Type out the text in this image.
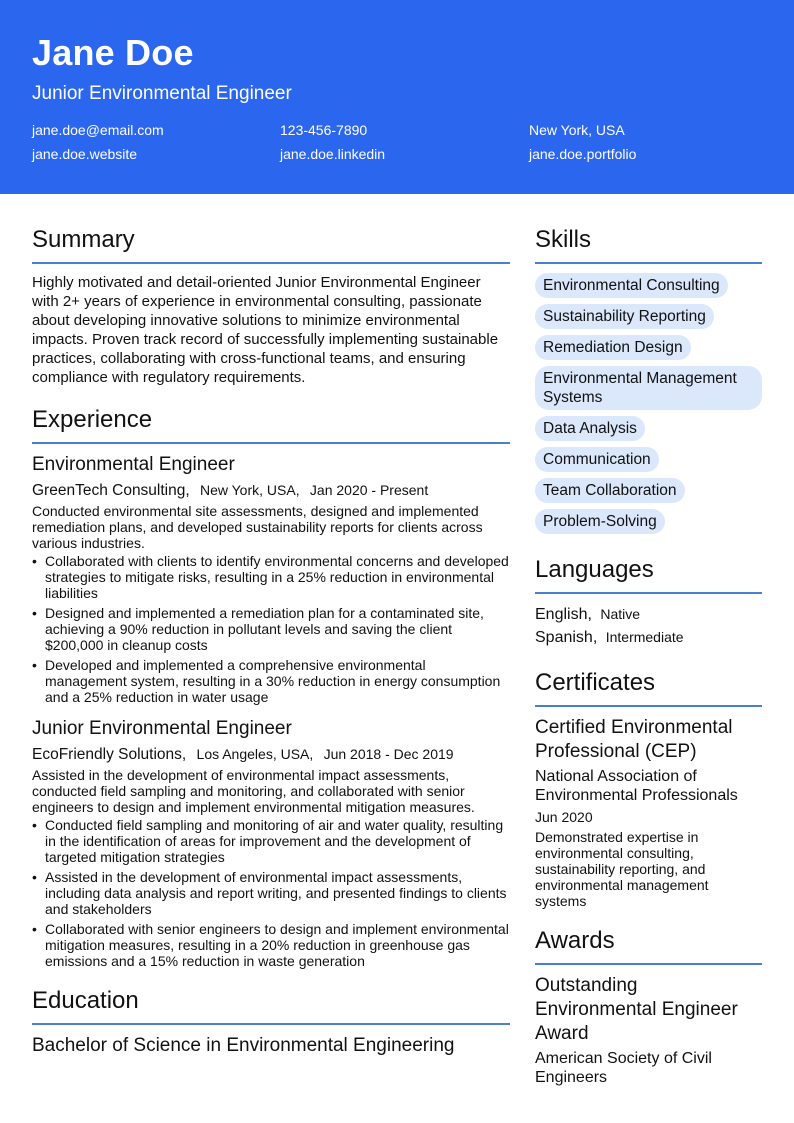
Jane Doe
Junior Environmental Engineer
jane.doe@email.com	123-456-7890	New York, USA
jane.doe.website	jane.doe.linkedin	jane.doe.portfolio
Summary

Highly motivated and detail-oriented Junior Environmental Engineer with 2+ years of experience in environmental consulting, passionate about developing innovative solutions to minimize environmental impacts. Proven track record of successfully implementing sustainable practices, collaborating with cross-functional teams, and ensuring compliance with regulatory requirements.

Experience
Environmental Engineer
GreenTech Consulting, New York, USA, Jan 2020 - Present

Conducted environmental site assessments, designed and implemented remediation plans, and developed sustainability reports for clients across various industries.

• Collaborated with clients to identify environmental concerns and developed strategies to mitigate risks, resulting in a 25% reduction in environmental liabilities
• Designed and implemented a remediation plan for a contaminated site, achieving a 90% reduction in pollutant levels and saving the client $200,000 in cleanup costs
• Developed and implemented a comprehensive environmental management system, resulting in a 30% reduction in energy consumption and a 25% reduction in water usage
Junior Environmental Engineer
EcoFriendly Solutions, Los Angeles, USA, Jun 2018 - Dec 2019

Assisted in the development of environmental impact assessments, conducted field sampling and monitoring, and collaborated with senior engineers to design and implement environmental mitigation measures.

• Conducted field sampling and monitoring of air and water quality, resulting in the identification of areas for improvement and the development of targeted mitigation strategies
• Assisted in the development of environmental impact assessments, including data analysis and report writing, and presented findings to clients and stakeholders
• Collaborated with senior engineers to design and implement environmental mitigation measures, resulting in a 20% reduction in greenhouse gas emissions and a 15% reduction in waste generation
Education
Bachelor of Science in Environmental Engineering
Skills
Environmental Consulting
Sustainability Reporting
Remediation Design
Environmental Management Systems
Data Analysis
Communication
Team Collaboration
Problem-Solving
Languages
English, Native
Spanish, Intermediate
Certificates
Certified Environmental Professional (CEP)
National Association of Environmental Professionals
Jun 2020
Demonstrated expertise in environmental consulting, sustainability reporting, and environmental management systems
Awards
Outstanding Environmental Engineer Award
American Society of Civil Engineers
